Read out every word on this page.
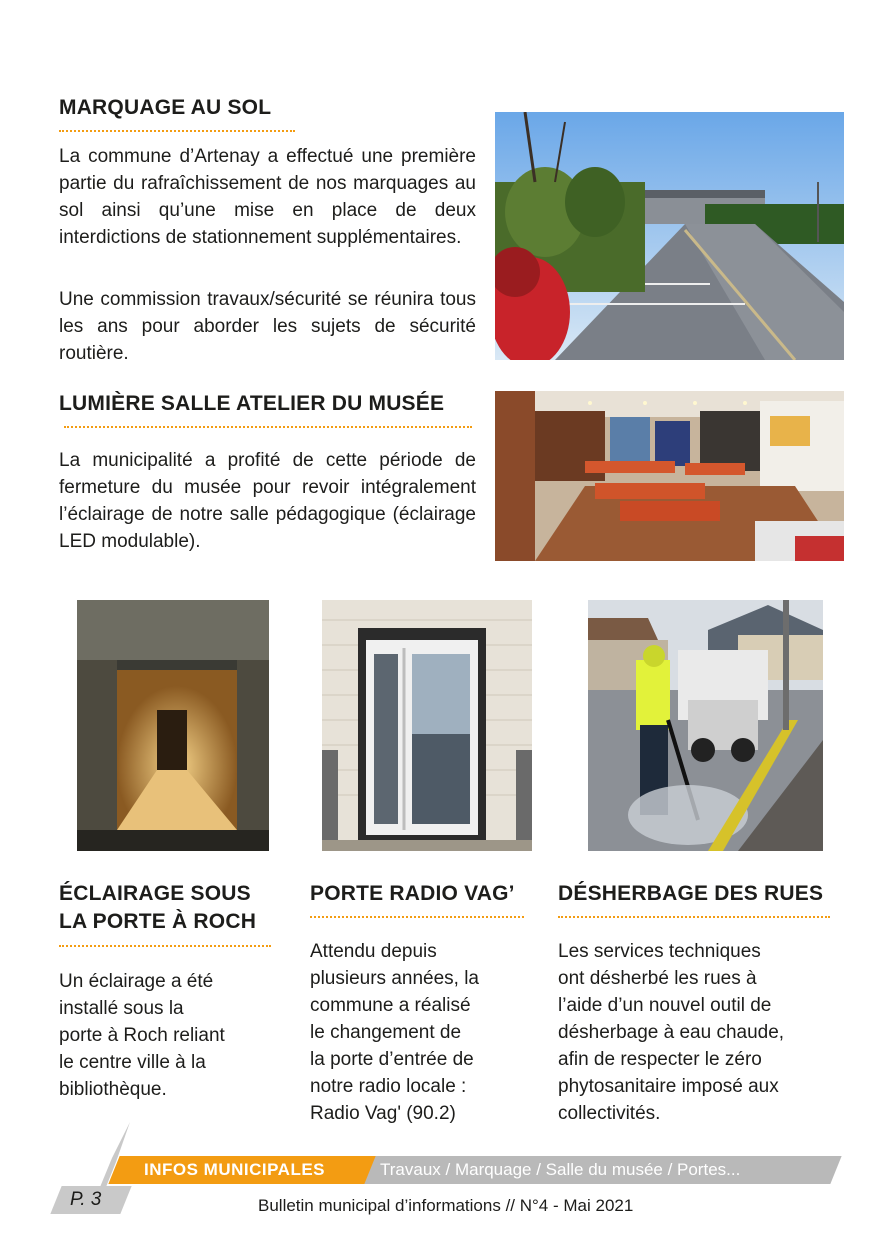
MARQUAGE AU SOL

La commune d’Artenay a effectué une première partie du rafraîchissement de nos marquages au sol ainsi qu’une mise en place de deux interdictions de stationnement supplémentaires.

Une commission travaux/sécurité se réunira tous les ans pour aborder les sujets de sécurité routière.

LUMIÈRE SALLE ATELIER DU MUSÉE

La municipalité a profité de cette période de fermeture du musée pour revoir intégralement l’éclairage de notre salle pédagogique (éclairage LED modulable).

ÉCLAIRAGE SOUS
LA PORTE À ROCH

Un éclairage a été
installé sous la
porte à Roch reliant
le centre ville à la
bibliothèque.

PORTE RADIO VAG’

Attendu depuis
plusieurs années, la
commune a réalisé
le changement de
la porte d’entrée de
notre radio locale :
Radio Vag' (90.2)

DÉSHERBAGE DES RUES

Les services techniques
ont désherbé les rues à
l’aide d’un nouvel outil de
désherbage à eau chaude,
afin de respecter le zéro
phytosanitaire imposé aux
collectivités.

INFOS MUNICIPALES	Travaux / Marquage / Salle du musée / Portes...
P. 3	Bulletin municipal d’informations // N°4 - Mai 2021
